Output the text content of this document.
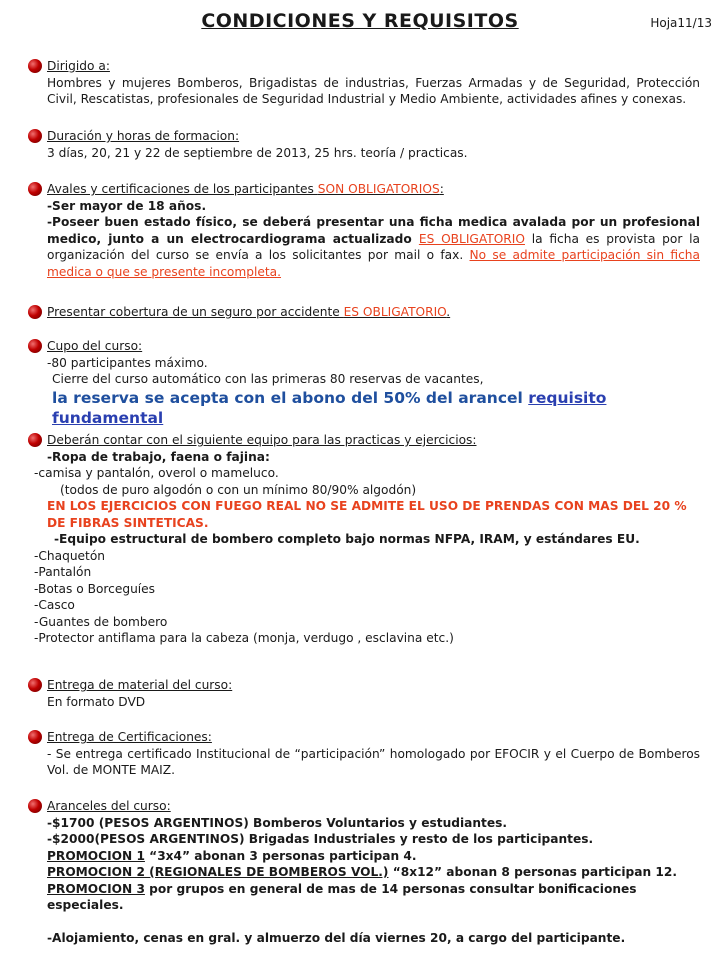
Hoja11/13
CONDICIONES Y REQUISITOS
Dirigido a:
Hombres y mujeres Bomberos, Brigadistas de industrias, Fuerzas Armadas y de Seguridad, Protección Civil, Rescatistas, profesionales de Seguridad Industrial y Medio Ambiente, actividades afines y conexas.
Duración y horas de formacion:
3 días, 20, 21 y 22 de septiembre de 2013, 25 hrs. teoría / practicas.
Avales y certificaciones de los participantes SON OBLIGATORIOS:
-Ser mayor de 18 años.
-Poseer buen estado físico, se deberá presentar una ficha medica avalada por un profesional medico, junto a un electrocardiograma actualizado ES OBLIGATORIO la ficha es provista por la organización del curso se envía a los solicitantes por mail o fax. No se admite participación sin ficha medica o que se presente incompleta.
Presentar cobertura de un seguro por accidente ES OBLIGATORIO.
Cupo del curso:
-80 participantes máximo.
Cierre del curso automático con las primeras 80 reservas de vacantes,
la reserva se acepta con el abono del 50% del arancel requisito fundamental
Deberán contar con el siguiente equipo para las practicas y ejercicios:
-Ropa de trabajo, faena o fajina:
-camisa y pantalón, overol o mameluco.
(todos de puro algodón o con un mínimo 80/90% algodón)
EN LOS EJERCICIOS CON FUEGO REAL NO SE ADMITE EL USO DE PRENDAS CON MAS DEL 20 % DE FIBRAS SINTETICAS.
-Equipo estructural de bombero completo bajo normas NFPA, IRAM, y estándares EU.
-Chaquetón
-Pantalón
-Botas o Borceguíes
-Casco
-Guantes de bombero
-Protector antiflama para la cabeza (monja, verdugo , esclavina etc.)
Entrega de material del curso:
En formato DVD
Entrega de Certificaciones:
- Se entrega certificado Institucional de “participación” homologado por EFOCIR y el Cuerpo de Bomberos Vol. de MONTE MAIZ.
Aranceles del curso:
-$1700 (PESOS ARGENTINOS) Bomberos Voluntarios y estudiantes.
-$2000(PESOS ARGENTINOS) Brigadas Industriales y resto de los participantes.
PROMOCION 1 “3x4” abonan 3 personas participan 4.
PROMOCION 2 (REGIONALES DE BOMBEROS VOL.) “8x12” abonan 8 personas participan 12.
PROMOCION 3 por grupos en general de mas de 14 personas consultar bonificaciones especiales.
-Alojamiento, cenas en gral. y almuerzo del día viernes 20, a cargo del participante.
